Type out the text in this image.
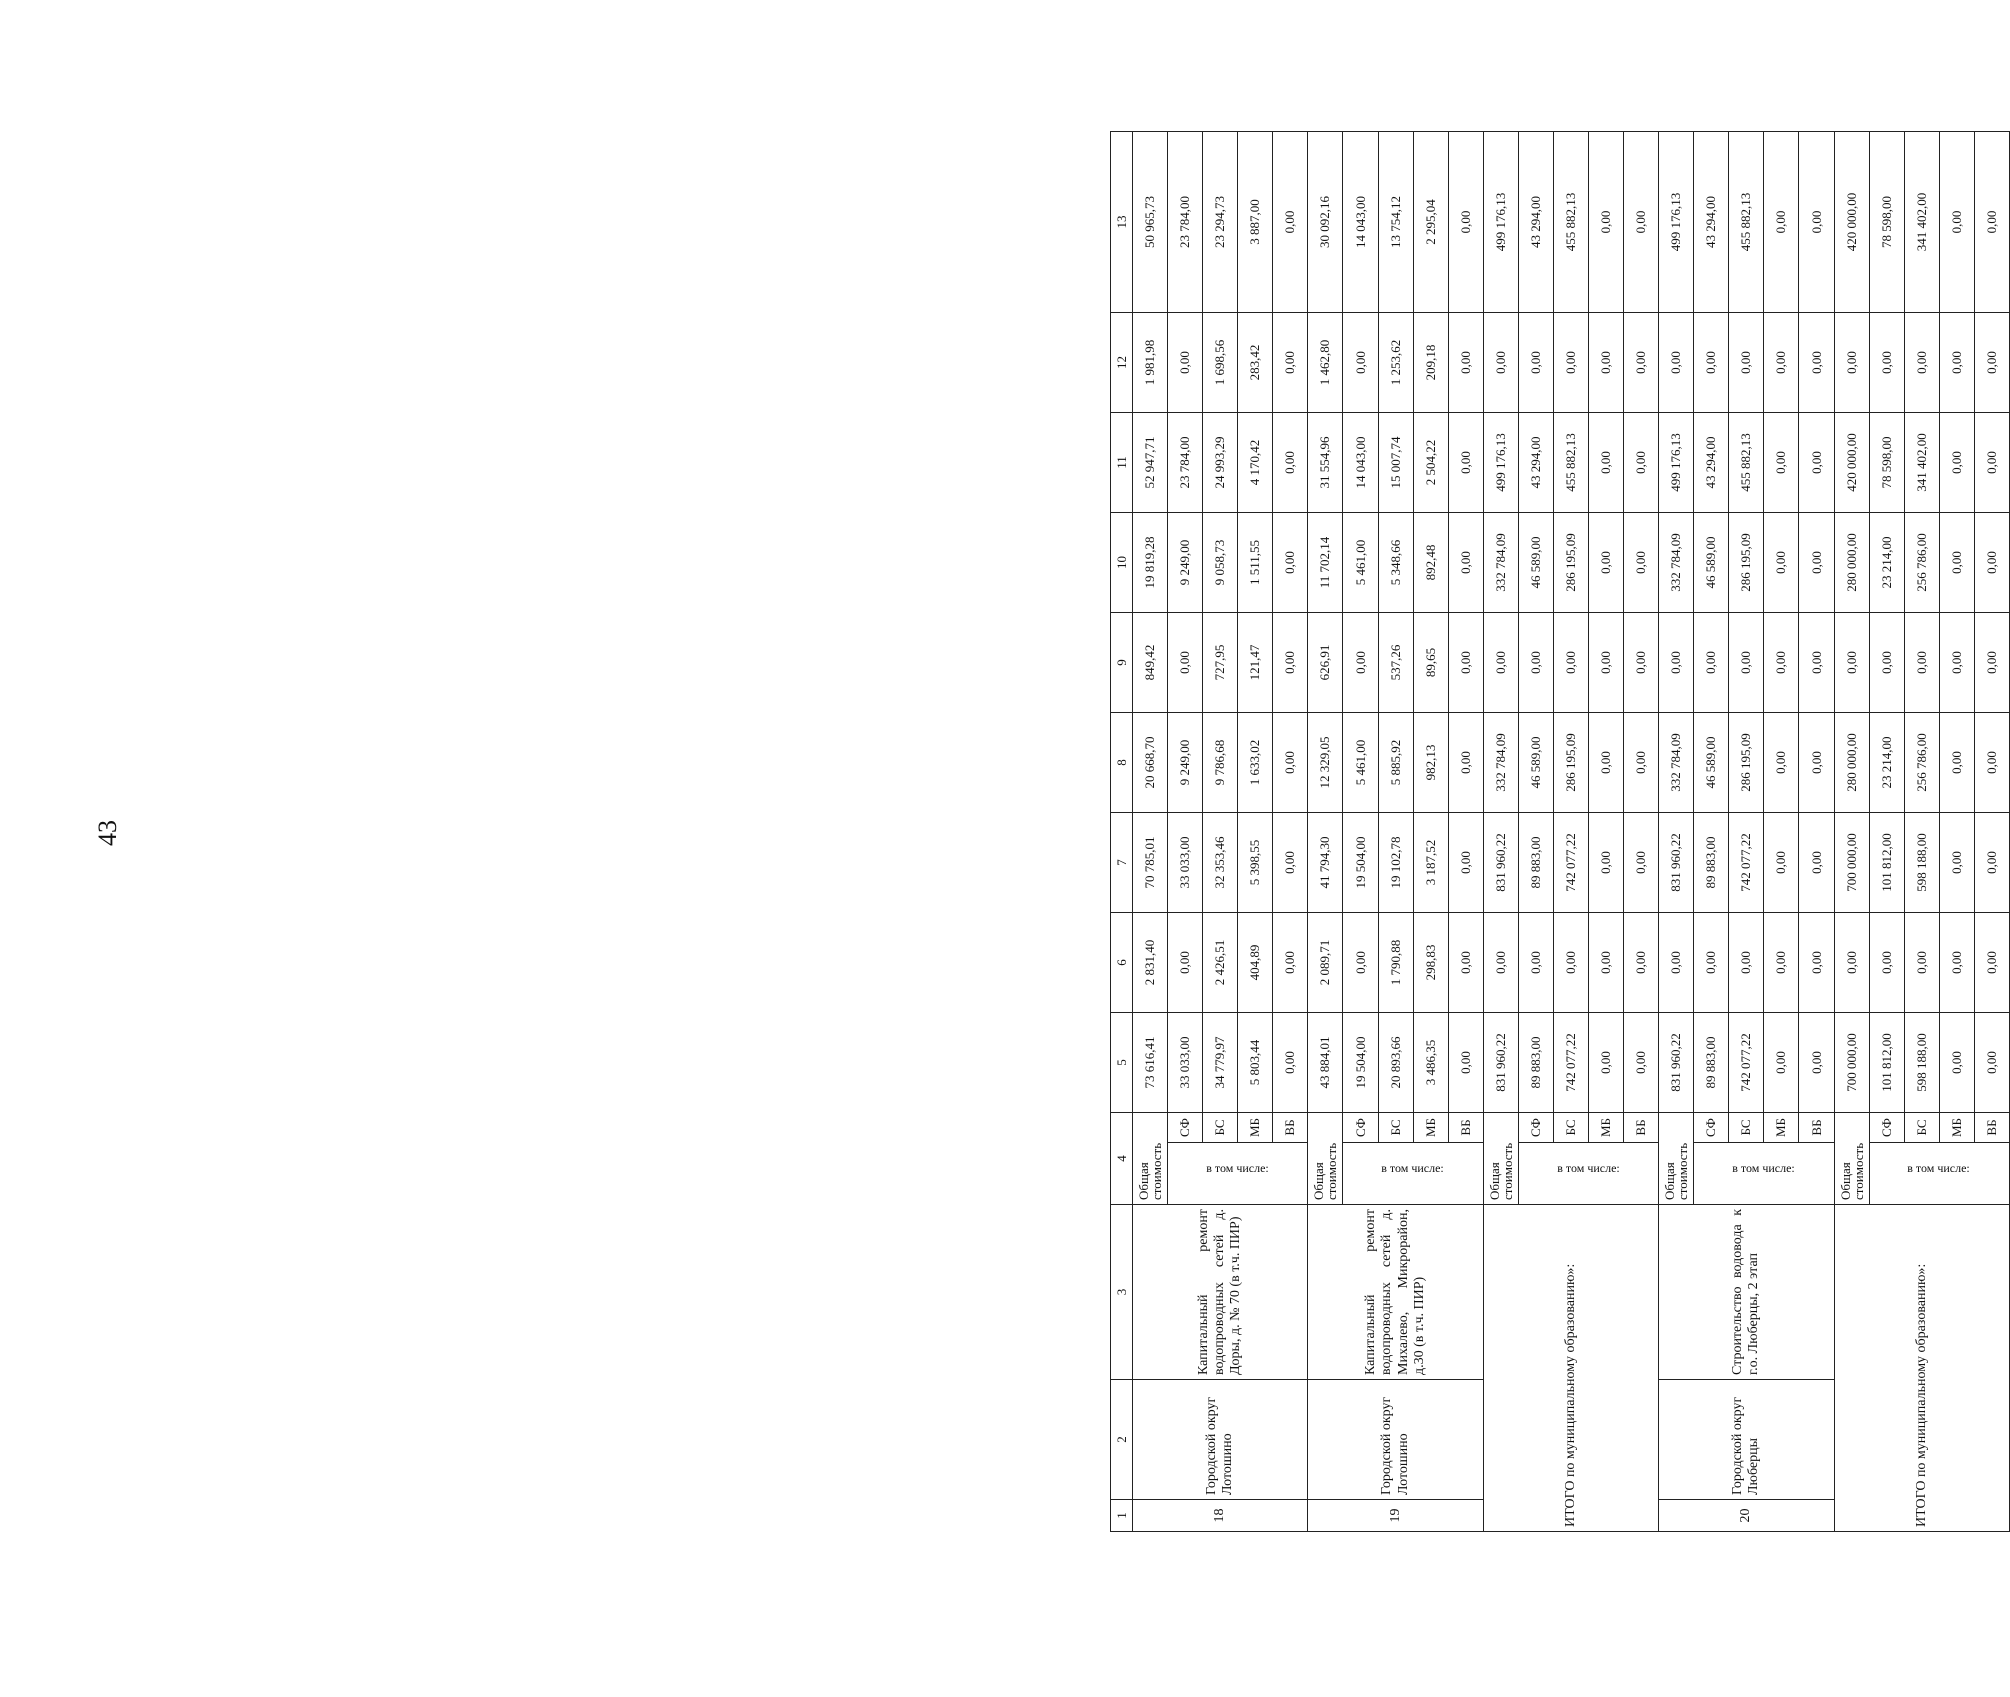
43
1	2	3	4		5	6	7	8	9	10	11	12	13
18	Городской округ Лотошино	Капитальный ремонт водопроводных сетей д. Доры, д. № 70 (в т.ч. ПИР)	Общая стоимость		73 616,41	2 831,40	70 785,01	20 668,70	849,42	19 819,28	52 947,71	1 981,98	50 965,73
			в том числе:	СФ	33 033,00	0,00	33 033,00	9 249,00	0,00	9 249,00	23 784,00	0,00	23 784,00
				БС	34 779,97	2 426,51	32 353,46	9 786,68	727,95	9 058,73	24 993,29	1 698,56	23 294,73
				МБ	5 803,44	404,89	5 398,55	1 633,02	121,47	1 511,55	4 170,42	283,42	3 887,00
				ВБ	0,00	0,00	0,00	0,00	0,00	0,00	0,00	0,00	0,00
19	Городской округ Лотошино	Капитальный ремонт водопроводных сетей д. Михалево, Микрорайон, д.30 (в т.ч. ПИР)	Общая стоимость		43 884,01	2 089,71	41 794,30	12 329,05	626,91	11 702,14	31 554,96	1 462,80	30 092,16
			в том числе:	СФ	19 504,00	0,00	19 504,00	5 461,00	0,00	5 461,00	14 043,00	0,00	14 043,00
				БС	20 893,66	1 790,88	19 102,78	5 885,92	537,26	5 348,66	15 007,74	1 253,62	13 754,12
				МБ	3 486,35	298,83	3 187,52	982,13	89,65	892,48	2 504,22	209,18	2 295,04
				ВБ	0,00	0,00	0,00	0,00	0,00	0,00	0,00	0,00	0,00
ИТОГО по муниципальному образованию»:			Общая стоимость		831 960,22	0,00	831 960,22	332 784,09	0,00	332 784,09	499 176,13	0,00	499 176,13
			в том числе:	СФ	89 883,00	0,00	89 883,00	46 589,00	0,00	46 589,00	43 294,00	0,00	43 294,00
				БС	742 077,22	0,00	742 077,22	286 195,09	0,00	286 195,09	455 882,13	0,00	455 882,13
				МБ	0,00	0,00	0,00	0,00	0,00	0,00	0,00	0,00	0,00
				ВБ	0,00	0,00	0,00	0,00	0,00	0,00	0,00	0,00	0,00
20	Городской округ Люберцы	Строительство водовода к г.о. Люберцы, 2 этап	Общая стоимость		831 960,22	0,00	831 960,22	332 784,09	0,00	332 784,09	499 176,13	0,00	499 176,13
			в том числе:	СФ	89 883,00	0,00	89 883,00	46 589,00	0,00	46 589,00	43 294,00	0,00	43 294,00
				БС	742 077,22	0,00	742 077,22	286 195,09	0,00	286 195,09	455 882,13	0,00	455 882,13
				МБ	0,00	0,00	0,00	0,00	0,00	0,00	0,00	0,00	0,00
				ВБ	0,00	0,00	0,00	0,00	0,00	0,00	0,00	0,00	0,00
ИТОГО по муниципальному образованию»:			Общая стоимость		700 000,00	0,00	700 000,00	280 000,00	0,00	280 000,00	420 000,00	0,00	420 000,00
			в том числе:	СФ	101 812,00	0,00	101 812,00	23 214,00	0,00	23 214,00	78 598,00	0,00	78 598,00
				БС	598 188,00	0,00	598 188,00	256 786,00	0,00	256 786,00	341 402,00	0,00	341 402,00
				МБ	0,00	0,00	0,00	0,00	0,00	0,00	0,00	0,00	0,00
				ВБ	0,00	0,00	0,00	0,00	0,00	0,00	0,00	0,00	0,00
